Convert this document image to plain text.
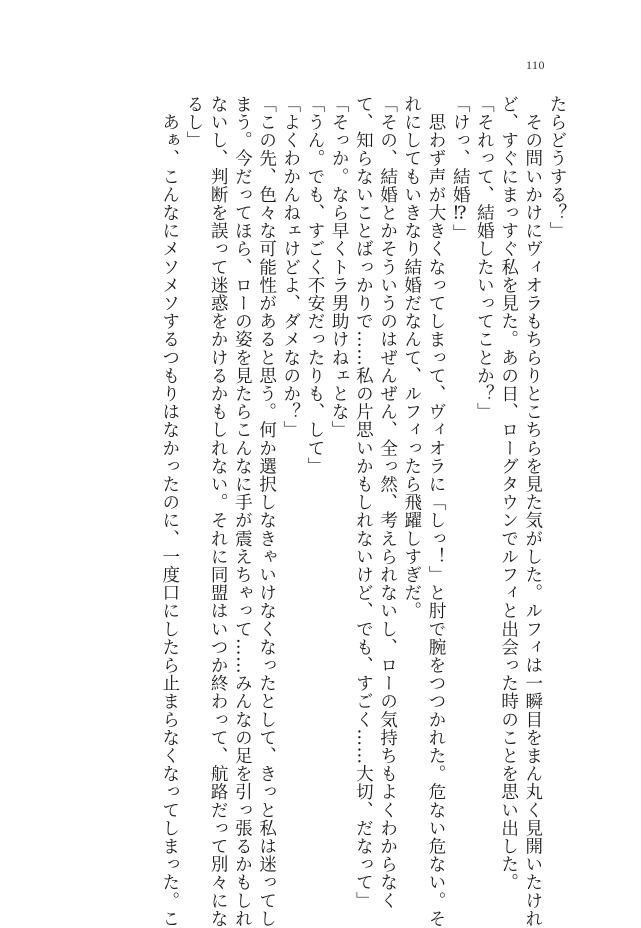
110
たらどうする？」
　その問いかけにヴィオラもちらりとこちらを見た気がした。ルフィは一瞬目をまん丸く見開いたけれ
ど、すぐにまっすぐ私を見た。あの日、ローグタウンでルフィと出会った時のことを思い出した。
「それって、結婚したいってことか？」
「けっ、結婚⁉」
　思わず声が大きくなってしまって、ヴィオラに「しっ！」と肘で腕をつつかれた。危ない危ない。そ
れにしてもいきなり結婚だなんて、ルフィったら飛躍しすぎだ。
「その、結婚とかそういうのはぜんぜん、全っ然、考えられないし、ローの気持ちもよくわからなく
て、知らないことばっかりで……私の片思いかもしれないけど、でも、すごく……大切、だなって」
「そっか。なら早くトラ男助けねェとな」
「うん。でも、すごく不安だったりも、して」
「よくわかんねェけどよ、ダメなのか？」
「この先、色々な可能性があると思う。何か選択しなきゃいけなくなったとして、きっと私は迷ってし
まう。今だってほら、ローの姿を見たらこんなに手が震えちゃって……みんなの足を引っ張るかもしれ
ないし、判断を誤って迷惑をかけるかもしれない。それに同盟はいつか終わって、航路だって別々にな
るし」
　あぁ、こんなにメソメソするつもりはなかったのに、一度口にしたら止まらなくなってしまった。こ
